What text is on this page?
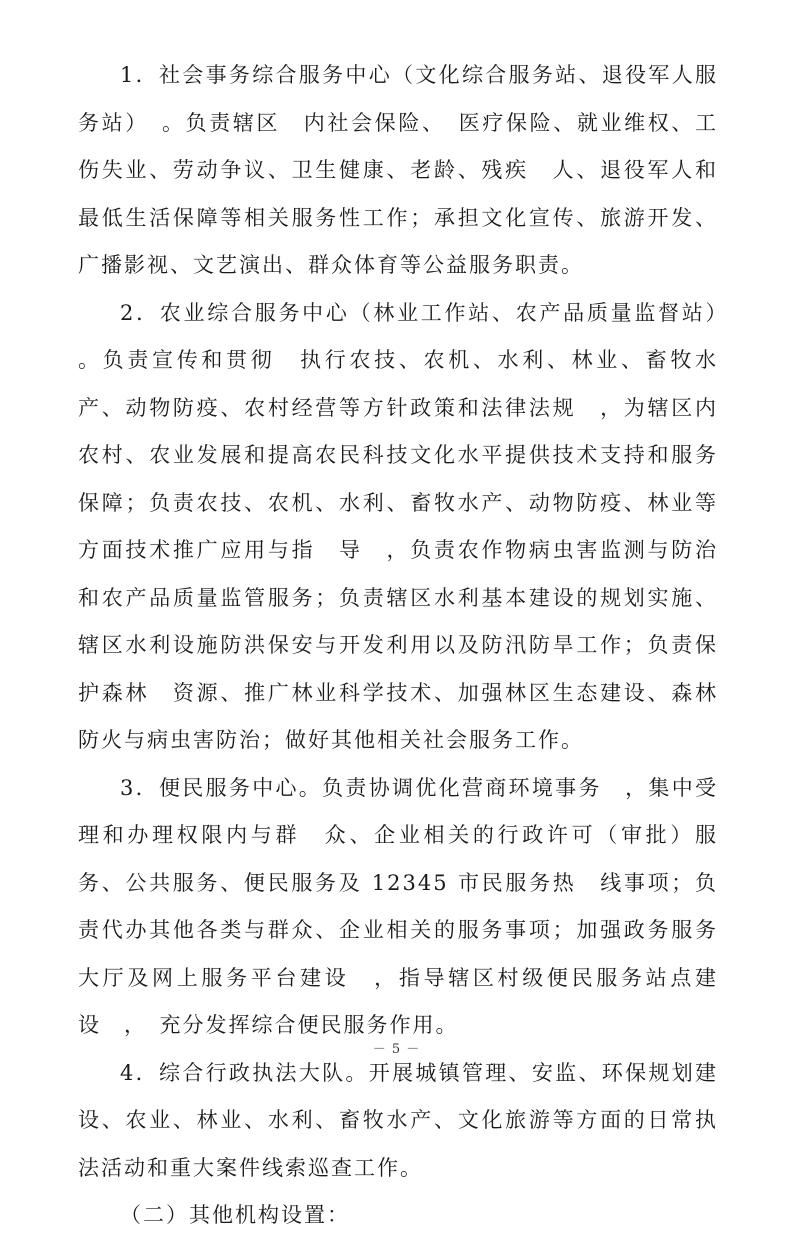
1．社会事务综合服务中心（文化综合服务站、退役军人服务站）　。负责辖区　内社会保险、　医疗保险、就业维权、工伤失业、劳动争议、卫生健康、老龄、残疾　人、退役军人和最低生活保障等相关服务性工作；承担文化宣传、旅游开发、广播影视、文艺演出、群众体育等公益服务职责。

2．农业综合服务中心（林业工作站、农产品质量监督站）　。负责宣传和贯彻　执行农技、农机、水利、林业、畜牧水产、动物防疫、农村经营等方针政策和法律法规　，为辖区内农村、农业发展和提高农民科技文化水平提供技术支持和服务保障；负责农技、农机、水利、畜牧水产、动物防疫、林业等方面技术推广应用与指　导　，负责农作物病虫害监测与防治和农产品质量监管服务；负责辖区水利基本建设的规划实施、辖区水利设施防洪保安与开发利用以及防汛防旱工作；负责保护森林　资源、推广林业科学技术、加强林区生态建设、森林防火与病虫害防治；做好其他相关社会服务工作。

3．便民服务中心。负责协调优化营商环境事务　，集中受理和办理权限内与群　众、企业相关的行政许可（审批）服务、公共服务、便民服务及 12345 市民服务热　线事项；负责代办其他各类与群众、企业相关的服务事项；加强政务服务大厅及网上服务平台建设　，指导辖区村级便民服务站点建设　，　充分发挥综合便民服务作用。

4．综合行政执法大队。开展城镇管理、安监、环保规划建设、农业、林业、水利、畜牧水产、文化旅游等方面的日常执法活动和重大案件线索巡查工作。

（二）其他机构设置：

－ 5 －
